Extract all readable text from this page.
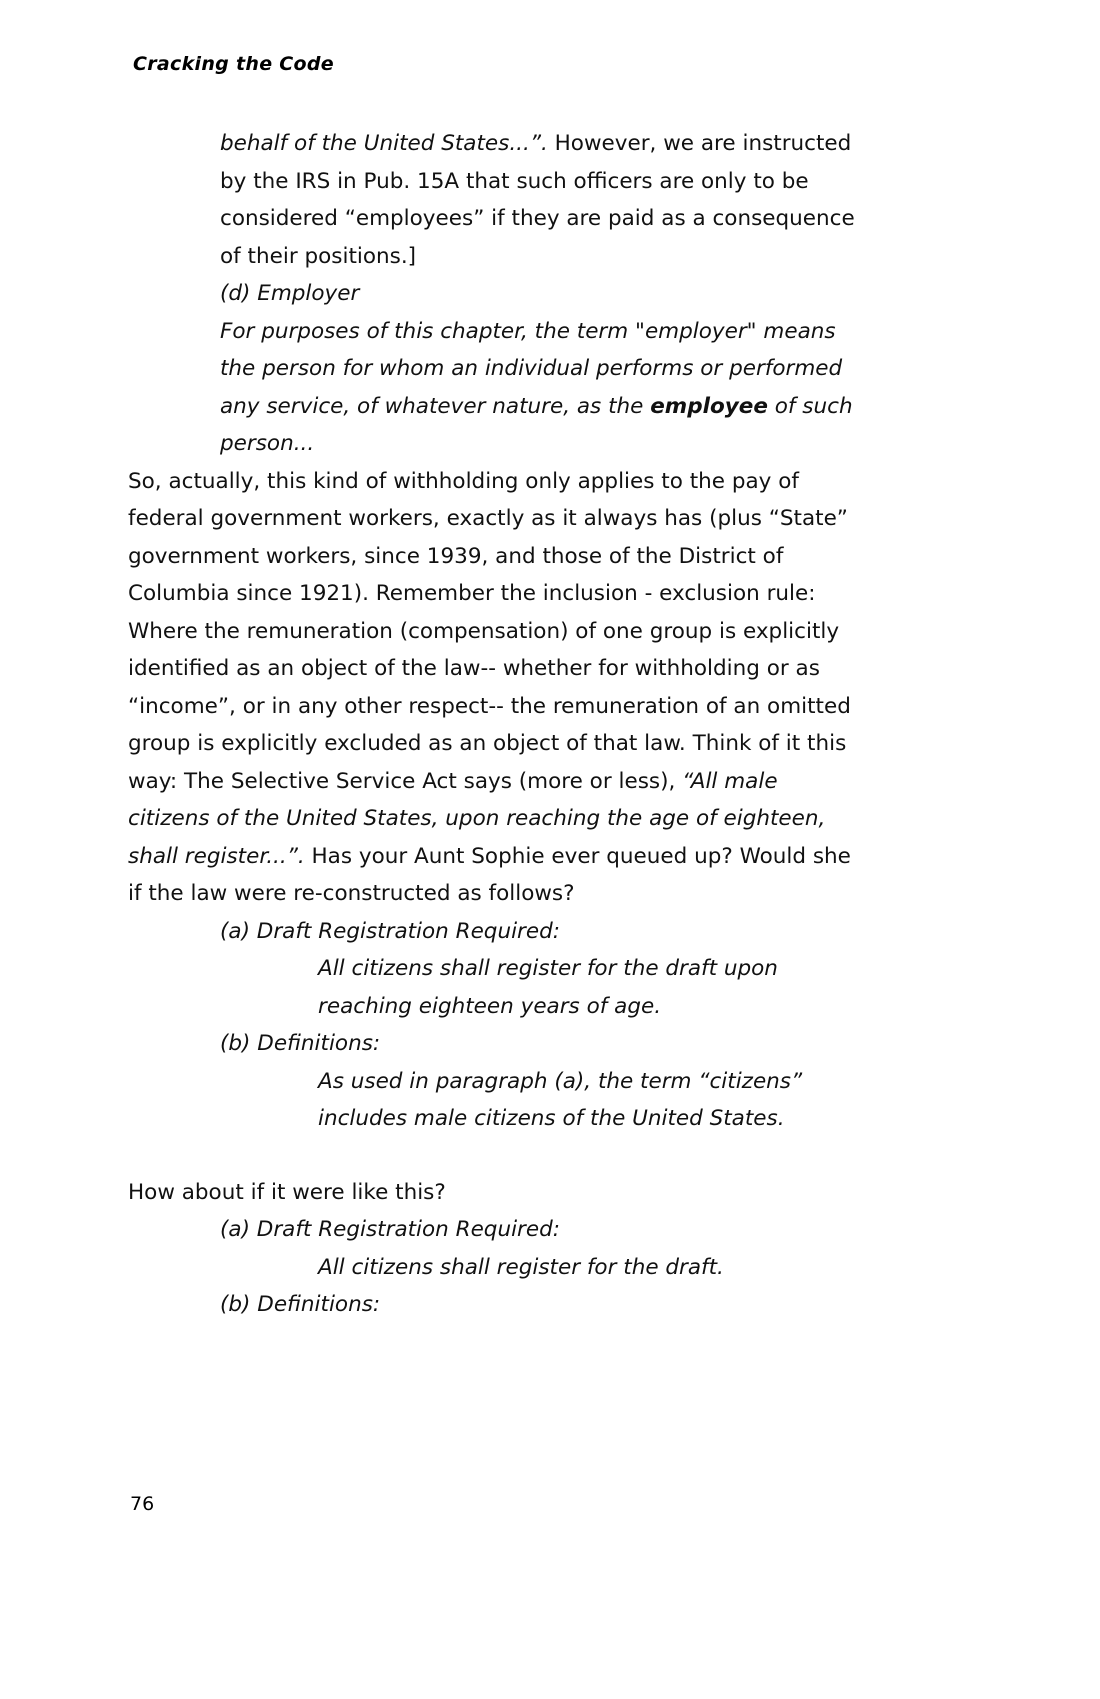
Cracking the Code

behalf of the United States...”. However, we are instructed by the IRS in Pub. 15A that such officers are only to be considered “employees” if they are paid as a consequence of their positions.]

(d) Employer

For purposes of this chapter, the term "employer" means the person for whom an individual performs or performed any service, of whatever nature, as the employee of such person...

So, actually, this kind of withholding only applies to the pay of federal government workers, exactly as it always has (plus “State” government workers, since 1939, and those of the District of Columbia since 1921). Remember the inclusion - exclusion rule: Where the remuneration (compensation) of one group is explicitly identified as an object of the law-- whether for withholding or as “income”, or in any other respect-- the remuneration of an omitted group is explicitly excluded as an object of that law. Think of it this way: The Selective Service Act says (more or less), “All male citizens of the United States, upon reaching the age of eighteen, shall register...”. Has your Aunt Sophie ever queued up? Would she if the law were re-constructed as follows?

(a) Draft Registration Required:

All citizens shall register for the draft upon reaching eighteen years of age.

(b) Definitions:

As used in paragraph (a), the term “citizens” includes male citizens of the United States.

How about if it were like this?

(a) Draft Registration Required:

All citizens shall register for the draft.

(b) Definitions:

76
